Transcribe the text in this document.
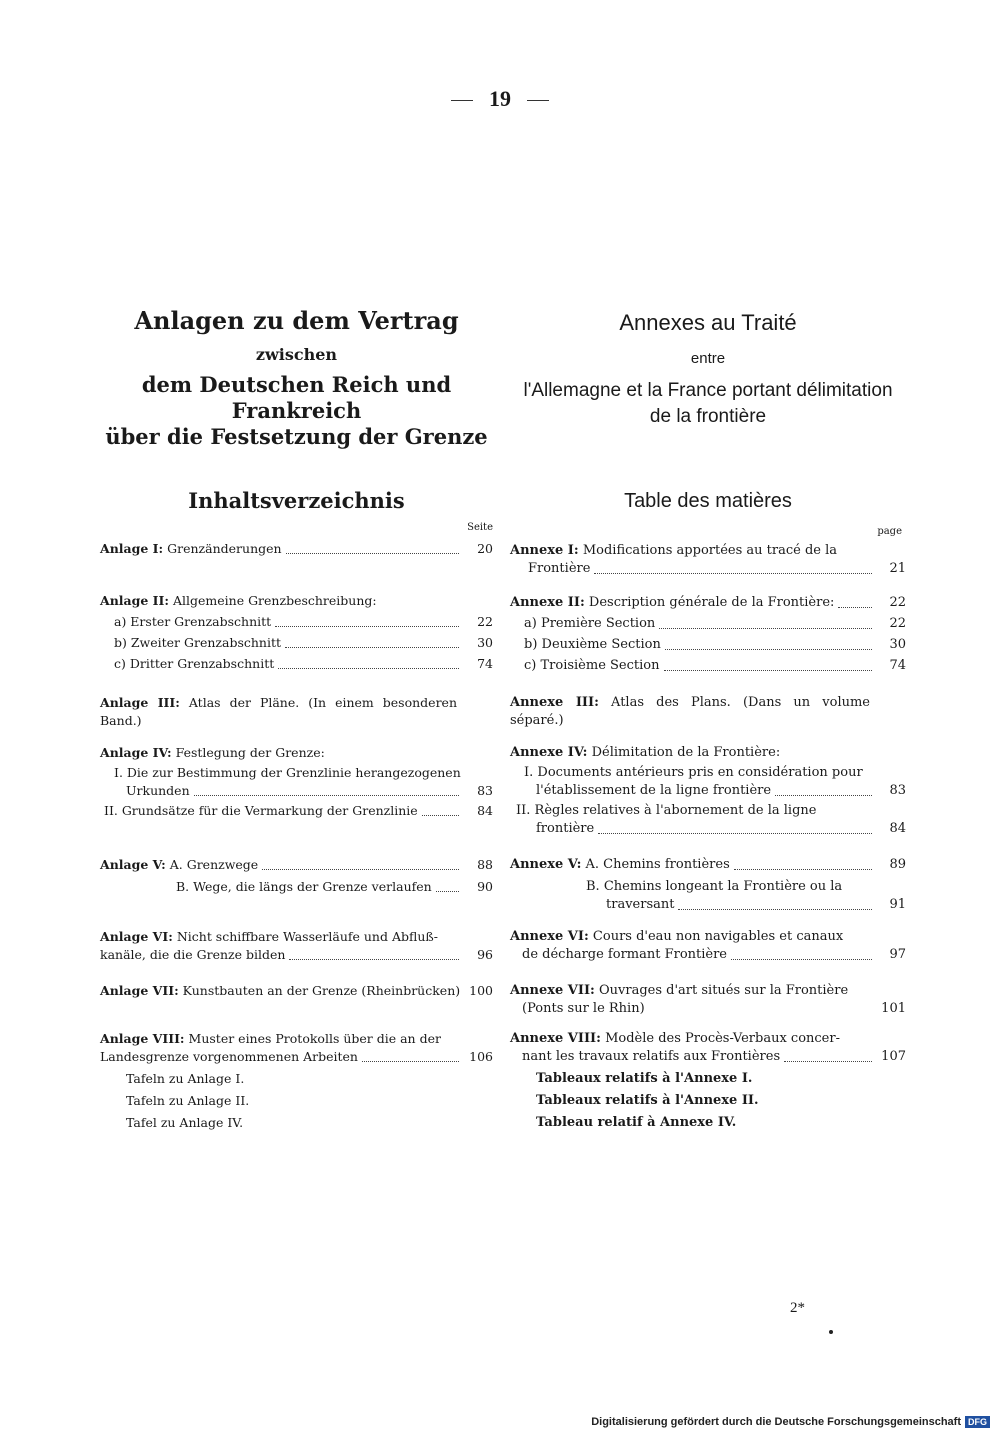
19
Anlagen zu dem Vertrag
zwischen
dem Deutschen Reich und Frankreich
über die Festsetzung der Grenze
Inhaltsverzeichnis
Seite
Anlage I: Grenzänderungen	20
Anlage II: Allgemeine Grenzbeschreibung:
a) Erster Grenzabschnitt	22
b) Zweiter Grenzabschnitt	30
c) Dritter Grenzabschnitt	74
Anlage III: Atlas der Pläne. (In einem besonderen Band.)
Anlage IV: Festlegung der Grenze:
I. Die zur Bestimmung der Grenzlinie herangezogenen
Urkunden	83
II. Grundsätze für die Vermarkung der Grenzlinie	84
Anlage V: A. Grenzwege	88
B. Wege, die längs der Grenze verlaufen	90
Anlage VI: Nicht schiffbare Wasserläufe und Abfluß-
kanäle, die die Grenze bilden	96
Anlage VII: Kunstbauten an der Grenze (Rheinbrücken) 100
Anlage VIII: Muster eines Protokolls über die an der
Landesgrenze vorgenommenen Arbeiten	106
Tafeln zu Anlage I.
Tafeln zu Anlage II.
Tafel zu Anlage IV.
Annexes au Traité
entre
l'Allemagne et la France portant délimitation
de la frontière
Table des matières
page
Annexe I: Modifications apportées au tracé de la
Frontière	21
Annexe II: Description générale de la Frontière:	22
a) Première Section	22
b) Deuxième Section	30
c) Troisième Section	74
Annexe III: Atlas des Plans. (Dans un volume séparé.)
Annexe IV: Délimitation de la Frontière:
I. Documents antérieurs pris en considération pour
l'établissement de la ligne frontière	83
II. Règles relatives à l'abornement de la ligne
frontière	84
Annexe V: A. Chemins frontières	89
B. Chemins longeant la Frontière ou la
traversant	91
Annexe VI: Cours d'eau non navigables et canaux
de décharge formant Frontière	97
Annexe VII: Ouvrages d'art situés sur la Frontière
(Ponts sur le Rhin)	101
Annexe VIII: Modèle des Procès-Verbaux concer-
nant les travaux relatifs aux Frontières	107
Tableaux relatifs à l'Annexe I.
Tableaux relatifs à l'Annexe II.
Tableau relatif à Annexe IV.
2*
Digitalisierung gefördert durch die Deutsche Forschungsgemeinschaft DFG
